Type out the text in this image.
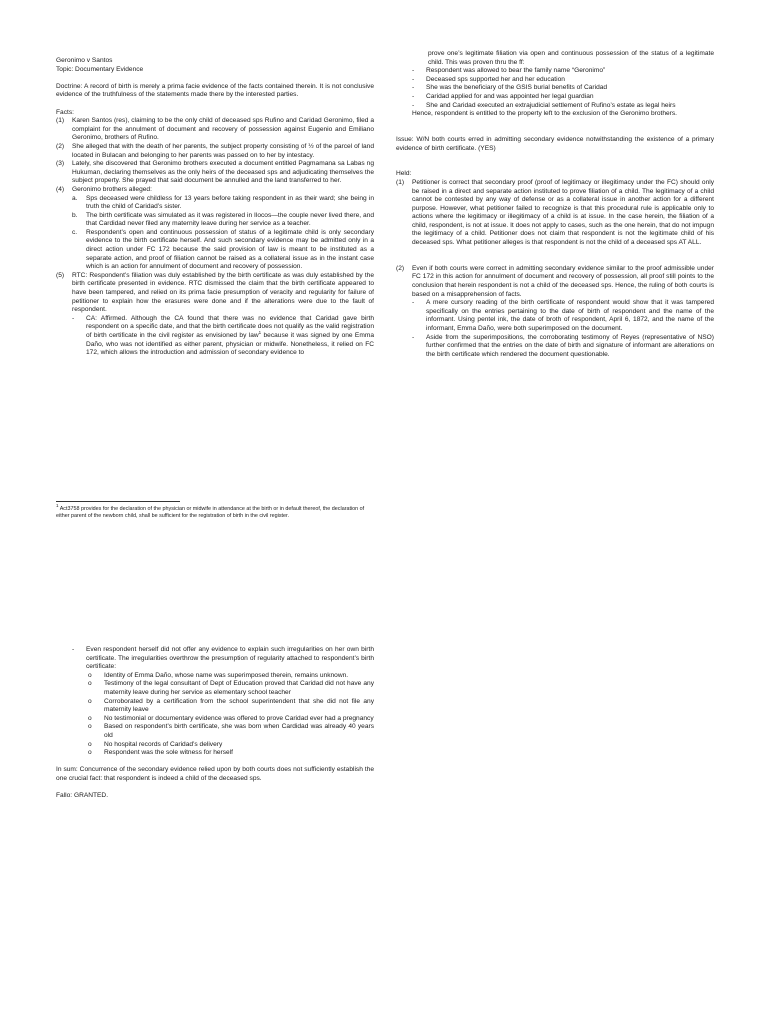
Geronimo v Santos

Topic: Documentary Evidence

Doctrine: A record of birth is merely a prima facie evidence of the facts contained therein. It is not conclusive evidence of the truthfulness of the statements made there by the interested parties.

Facts:

(1)	Karen Santos (res), claiming to be the only child of deceased sps Rufino and Caridad Geronimo, filed a complaint for the annulment of document and recovery of possession against Eugenio and Emiliano Geronimo, brothers of Rufino.
(2)	She alleged that with the death of her parents, the subject property consisting of ½ of the parcel of land located in Bulacan and belonging to her parents was passed on to her by intestacy.
(3)	Lately, she discovered that Geronimo brothers executed a document entitled Pagmamana sa Labas ng Hukuman, declaring themselves as the only heirs of the deceased sps and adjudicating themselves the subject property. She prayed that said document be annulled and the land transferred to her.
(4)	Geronimo brothers alleged:
a.	Sps deceased were childless for 13 years before taking respondent in as their ward; she being in truth the child of Caridad’s sister.
b.	The birth certificate was simulated as it was registered in Ilocos—the couple never lived there, and that Cardidad never filed any maternity leave during her service as a teacher.
c.	Respondent’s open and continuous possession of status of a legitimate child is only secondary evidence to the birth certificate herself. And such secondary evidence may be admitted only in a direct action under FC 172 because the said provision of law is meant to be instituted as a separate action, and proof of filiation cannot be raised as a collateral issue as in the instant case which is an action for annulment of document and recovery of possession.
(5)	RTC: Respondent’s filiation was duly established by the birth certificate as was duly established by the birth certificate presented in evidence. RTC dismissed the claim that the birth certificate appeared to have been tampered, and relied on its prima facie presumption of veracity and regularity for failure of petitioner to explain how the erasures were done and if the alterations were due to the fault of respondent.
-	CA: Affirmed. Although the CA found that there was no evidence that Caridad gave birth respondent on a specific date, and that the birth certificate does not qualify as the valid registration of birth certificate in the civil register as envisioned by law$^1$ because it was signed by one Emma Daño, who was not identified as either parent, physician or midwife. Nonetheless, it relied on FC 172, which allows the introduction and admission of secondary evidence to
$^1$ Act3758 provides for the declaration of the physician or midwife in attendance at the birth or in default thereof, the declaration of either parent of the newborn child, shall be sufficient for the registration of birth in the civil register.

prove one’s legitimate filiation via open and continuous possession of the status of a legitimate child. This was proven thru the ff:

-	Respondent was allowed to bear the family name “Geronimo”
-	Deceased sps supported her and her education
-	She was the beneficiary of the GSIS burial benefits of Caridad
-	Caridad applied for and was appointed her legal guardian
-	She and Caridad executed an extrajudicial settlement of Rufino’s estate as legal heirs

Hence, respondent is entitled to the property left to the exclusion of the Geronimo brothers.

Issue: W/N both courts erred in admitting secondary evidence notwithstanding the existence of a primary evidence of birth certificate. (YES)

Held:

(1)	Petitioner is correct that secondary proof (proof of legitimacy or illegitimacy under the FC) should only be raised in a direct and separate action instituted to prove filiation of a child. The legitimacy of a child cannot be contested by any way of defense or as a collateral issue in another action for a different purpose. However, what petitioner failed to recognize is that this procedural rule is applicable only to actions where the legitimacy or illegitimacy of a child is at issue. In the case herein, the filiation of a child, respondent, is not at issue. It does not apply to cases, such as the one herein, that do not impugn the legitimacy of a child. Petitioner does not claim that respondent is not the legitimate child of his deceased sps. What petitioner alleges is that respondent is not the child of a deceased sps AT ALL.
(2)	Even if both courts were correct in admitting secondary evidence similar to the proof admissible under FC 172 in this action for annulment of document and recovery of possession, all proof still points to the conclusion that herein respondent is not a child of the deceased sps. Hence, the ruling of both courts is based on a misapprehension of facts.
-	A mere cursory reading of the birth certificate of respondent would show that it was tampered specifically on the entries pertaining to the date of birth of respondent and the name of the informant. Using pentel ink, the date of broth of respondent, April 6, 1872, and the name of the informant, Emma Daño, were both superimposed on the document.
-	Aside from the superimpositions, the corroborating testimony of Reyes (representative of NSO) further confirmed that the entries on the date of birth and signature of informant are alterations on the birth certificate which rendered the document questionable.
-	Even respondent herself did not offer any evidence to explain such irregularities on her own birth certificate. The irregularities overthrow the presumption of regularity attached to respondent’s birth certificate:
o	Identity of Emma Daño, whose name was superimposed therein, remains unknown.
o	Testimony of the legal consultant of Dept of Education proved that Caridad did not have any maternity leave during her service as elementary school teacher
o	Corroborated by a certification from the school superintendent that she did not file any maternity leave
o	No testimonial or documentary evidence was offered to prove Caridad ever had a pregnancy
o	Based on respondent’s birth certificate, she was born when Cardidad was already 40 years old
o	No hospital records of Caridad’s delivery
o	Respondent was the sole witness for herself

In sum: Concurrence of the secondary evidence relied upon by both courts does not sufficiently establish the one crucial fact: that respondent is indeed a child of the deceased sps.

Fallo: GRANTED.
